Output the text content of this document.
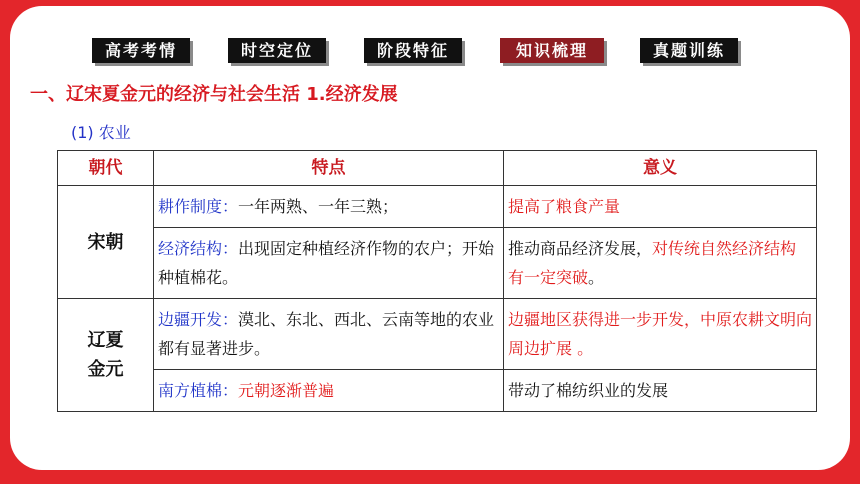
高考考情	时空定位	阶段特征	知识梳理	真题训练
一、辽宋夏金元的经济与社会生活 1.经济发展
(1) 农业
朝代	特点	意义
宋朝	耕作制度：一年两熟、一年三熟；	提高了粮食产量
	经济结构：出现固定种植经济作物的农户；开始种植棉花。	推动商品经济发展，对传统自然经济结构有一定突破。
辽夏
金元	边疆开发：漠北、东北、西北、云南等地的农业都有显著进步。	边疆地区获得进一步开发，中原农耕文明向周边扩展 。
	南方植棉：元朝逐渐普遍	带动了棉纺织业的发展
